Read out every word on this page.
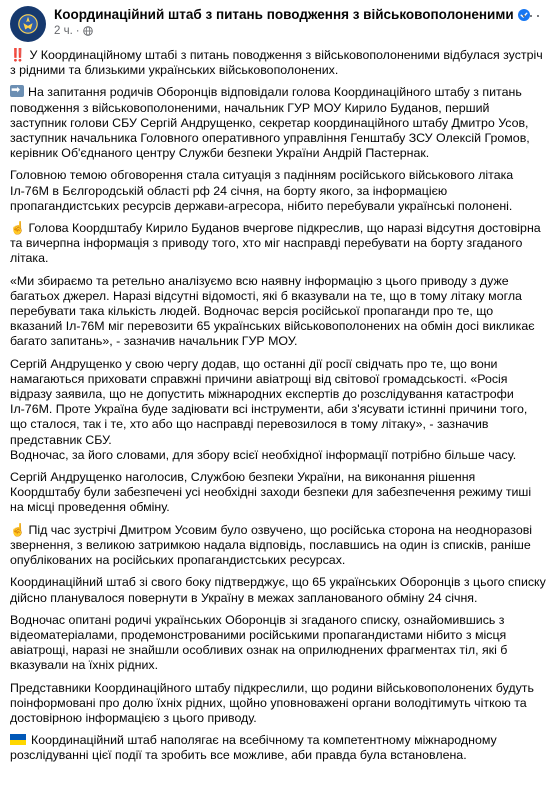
Координаційний штаб з питань поводження з військовополоненими
2 ч. ·
···

‼️ У Координаційному штабі з питань поводження з військовополоненими відбулася зустріч з рідними та близькими українських військовополонених.

➡На запитання родичів Оборонців відповідали голова Координаційного штабу з питань поводження з військовополоненими, начальник ГУР МОУ Кирило Буданов, перший заступник голови СБУ Сергій Андрущенко, секретар координаційного штабу Дмитро Усов, заступник начальника Головного оперативного управління Генштабу ЗСУ Олексій Громов, керівник Об'єднаного центру Служби безпеки України Андрій Пастернак.

Головною темою обговорення стала ситуація з падінням російського військового літака Іл-76М в Бєлгородській області рф 24 січня, на борту якого, за інформацією пропагандистських ресурсів держави-агресора, нібито перебували українські полонені.

☝️ Голова Коордштабу Кирило Буданов вчергове підкреслив, що наразі відсутня достовірна та вичерпна інформація з приводу того, хто міг насправді перебувати на борту згаданого літака.

«Ми збираємо та ретельно аналізуємо всю наявну інформацію з цього приводу з дуже багатьох джерел. Наразі відсутні відомості, які б вказували на те, що в тому літаку могла перебувати така кількість людей. Водночас версія російської пропаганди про те, що вказаний Іл-76М міг перевозити 65 українських військовополонених на обмін досі викликає багато запитань», - зазначив начальник ГУР МОУ.

Сергій Андрущенко у свою чергу додав, що останні дії росії свідчать про те, що вони намагаються приховати справжні причини авіатрощі від світової громадськості. «Росія відразу заявила, що не допустить міжнародних експертів до розслідування катастрофи Іл-76М. Проте Україна буде задіювати всі інструменти, аби з'ясувати істинні причини того, що сталося, так і те, хто або що насправді перевозилося в тому літаку», - зазначив представник СБУ.

Водночас, за його словами, для збору всієї необхідної інформації потрібно більше часу.

Сергій Андрущенко наголосив, Службою безпеки України, на виконання рішення Коордштабу були забезпечені усі необхідні заходи безпеки для забезпечення режиму тиші на місці проведення обміну.

☝️ Під час зустрічі Дмитром Усовим було озвучено, що російська сторона на неодноразові звернення, з великою затримкою надала відповідь, пославшись на один із списків, раніше опублікованих на російських пропагандистських ресурсах.

Координаційний штаб зі свого боку підтверджує, що 65 українських Оборонців з цього списку дійсно планувалося повернути в Україну в межах запланованого обміну 24 січня.

Водночас опитані родичі українських Оборонців зі згаданого списку, ознайомившись з відеоматеріалами, продемонстрованими російськими пропагандистами нібито з місця авіатрощі, наразі не знайшли особливих ознак на оприлюднених фрагментах тіл, які б вказували на їхніх рідних.

Представники Координаційного штабу підкреслили, що родини військовополонених будуть поінформовані про долю їхніх рідних, щойно уповноважені органи володітимуть чіткою та достовірною інформацією з цього приводу.

Координаційний штаб наполягає на всебічному та компетентному міжнародному розслідуванні цієї події та зробить все можливе, аби правда була встановлена.
